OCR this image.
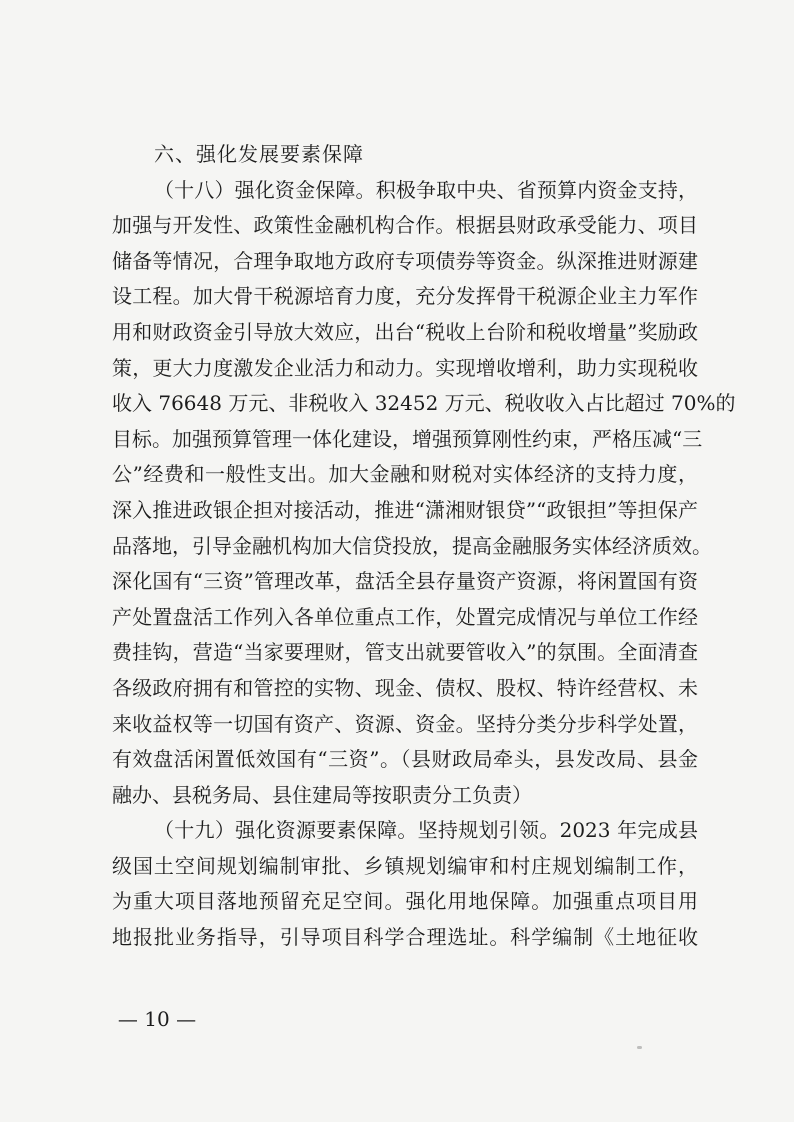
六、强化发展要素保障
（十八）强化资金保障。积极争取中央、省预算内资金支持，
加强与开发性、政策性金融机构合作。根据县财政承受能力、项目
储备等情况，合理争取地方政府专项债券等资金。纵深推进财源建
设工程。加大骨干税源培育力度，充分发挥骨干税源企业主力军作
用和财政资金引导放大效应，出台“税收上台阶和税收增量”奖励政
策，更大力度激发企业活力和动力。实现增收增利，助力实现税收
收入 76648 万元、非税收入 32452 万元、税收收入占比超过 70%的
目标。加强预算管理一体化建设，增强预算刚性约束，严格压减“三
公”经费和一般性支出。加大金融和财税对实体经济的支持力度，
深入推进政银企担对接活动，推进“潇湘财银贷”“政银担”等担保产
品落地，引导金融机构加大信贷投放，提高金融服务实体经济质效。
深化国有“三资”管理改革，盘活全县存量资产资源，将闲置国有资
产处置盘活工作列入各单位重点工作，处置完成情况与单位工作经
费挂钩，营造“当家要理财，管支出就要管收入”的氛围。全面清查
各级政府拥有和管控的实物、现金、债权、股权、特许经营权、未
来收益权等一切国有资产、资源、资金。坚持分类分步科学处置，
有效盘活闲置低效国有“三资”。（县财政局牵头，县发改局、县金
融办、县税务局、县住建局等按职责分工负责）
（十九）强化资源要素保障。坚持规划引领。2023 年完成县
级国土空间规划编制审批、乡镇规划编审和村庄规划编制工作，
为重大项目落地预留充足空间。强化用地保障。加强重点项目用
地报批业务指导，引导项目科学合理选址。科学编制《土地征收
— 10 —
